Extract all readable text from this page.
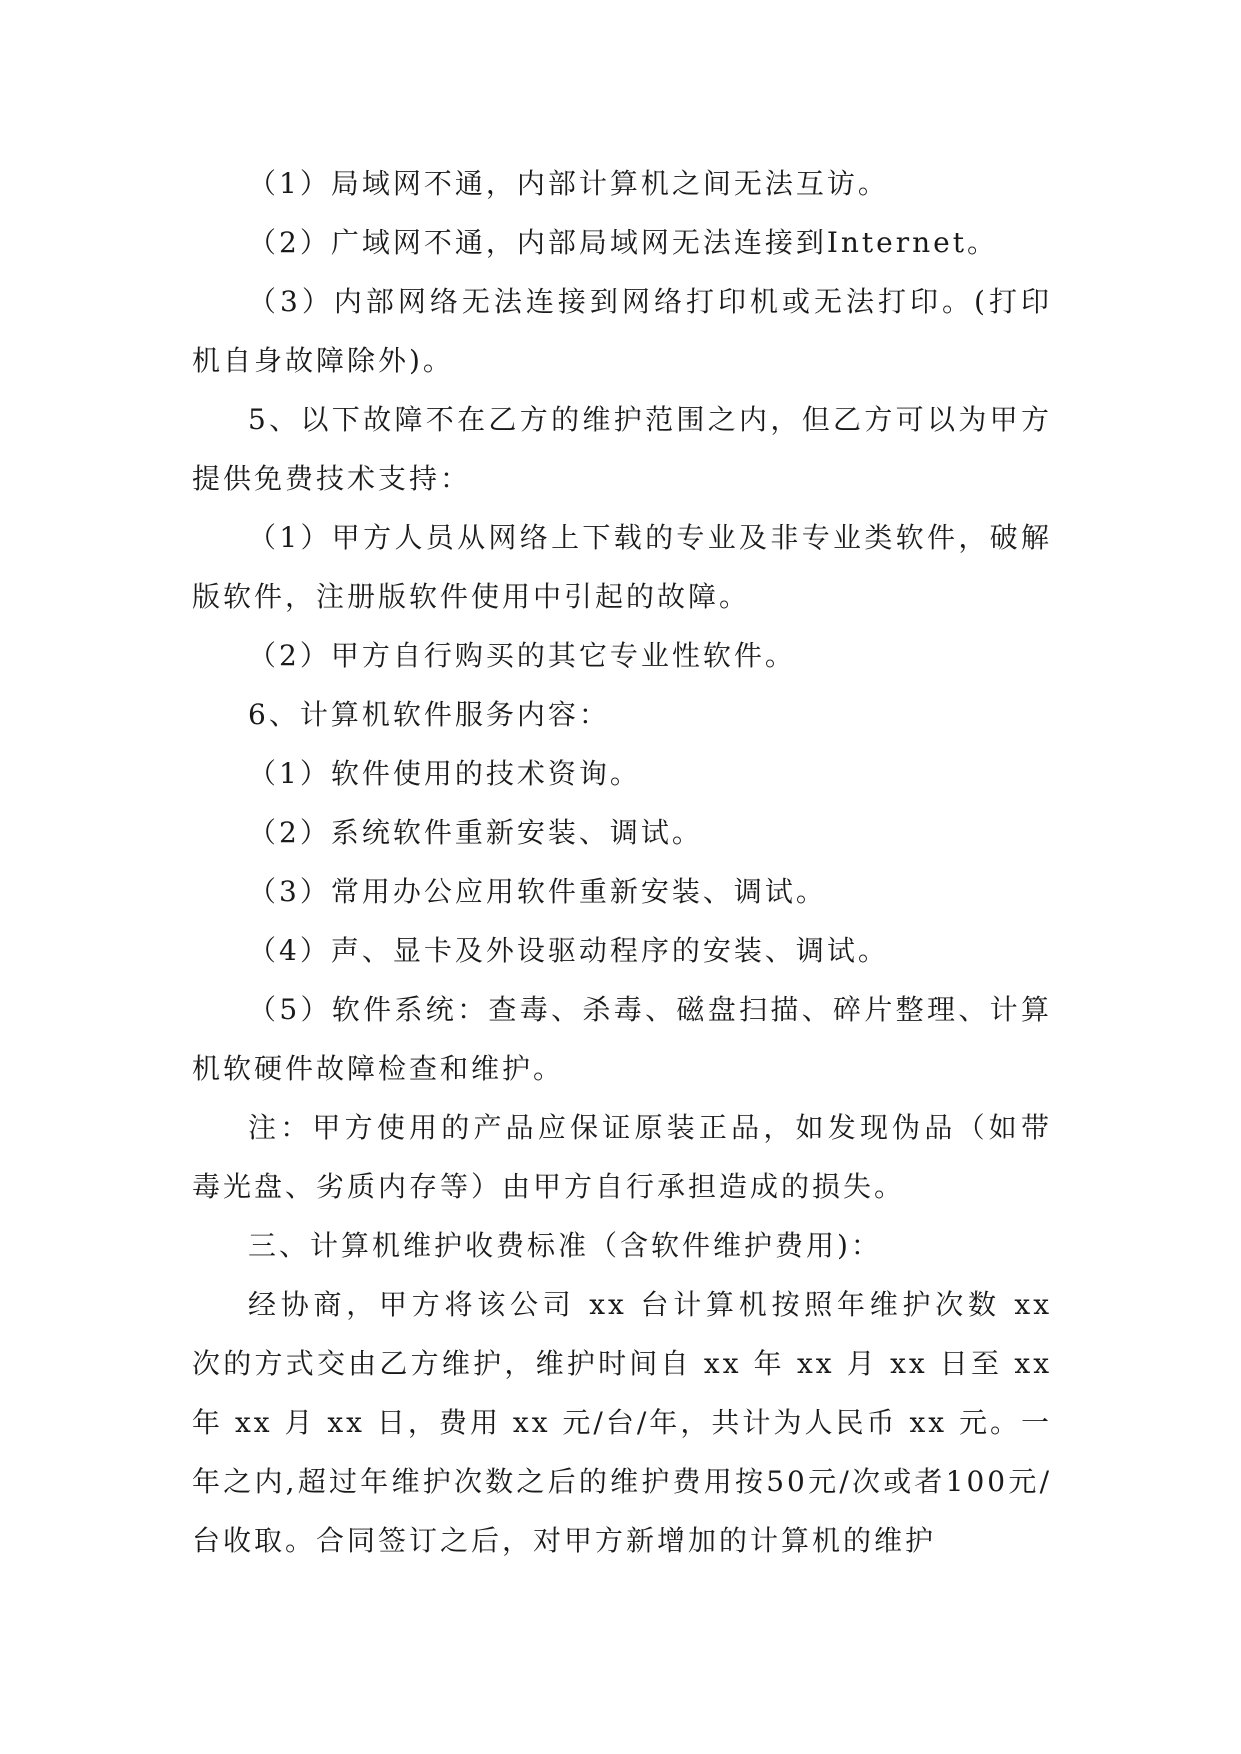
（1）局域网不通，内部计算机之间无法互访。

（2）广域网不通，内部局域网无法连接到Internet。

（3）内部网络无法连接到网络打印机或无法打印。(打印机自身故障除外)。

5、以下故障不在乙方的维护范围之内，但乙方可以为甲方提供免费技术支持：

（1）甲方人员从网络上下载的专业及非专业类软件，破解版软件，注册版软件使用中引起的故障。

（2）甲方自行购买的其它专业性软件。

6、计算机软件服务内容：

（1）软件使用的技术资询。

（2）系统软件重新安装、调试。

（3）常用办公应用软件重新安装、调试。

（4）声、显卡及外设驱动程序的安装、调试。

（5）软件系统：查毒、杀毒、磁盘扫描、碎片整理、计算机软硬件故障检查和维护。

注：甲方使用的产品应保证原装正品，如发现伪品（如带毒光盘、劣质内存等）由甲方自行承担造成的损失。

三、计算机维护收费标准（含软件维护费用)：

经协商，甲方将该公司 xx 台计算机按照年维护次数 xx 次的方式交由乙方维护，维护时间自 xx 年 xx 月 xx 日至 xx 年 xx 月 xx 日，费用 xx 元/台/年，共计为人民币 xx 元。一年之内,超过年维护次数之后的维护费用按50元/次或者100元/台收取。合同签订之后，对甲方新增加的计算机的维护
